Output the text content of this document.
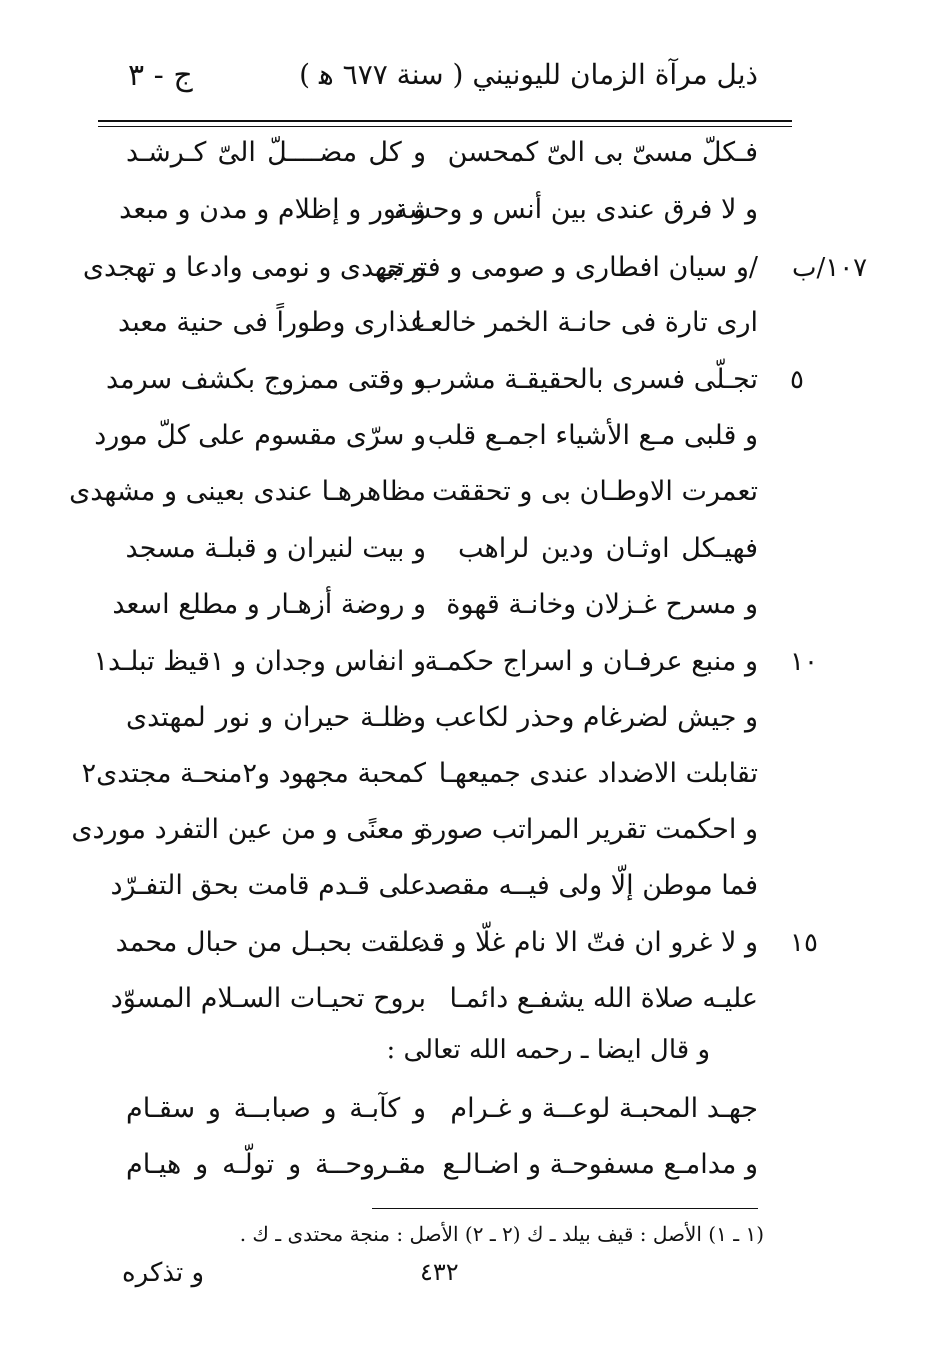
ج - ٣	ذيل مرآة الزمان لليونيني ( سنة ٦٧٧ ﻫ )
فـكلّ مسىّ بى الىّ كمحسن
و كل مضــــلّ الىّ كـرشـد
و لا فرق عندى بين أنس و وحشة
و نور و إظلام و مدن و مبعد
١٠٧/ب
/و سيان افطارى و صومى و فترتى
و جهدى و نومى وادعا و تهجدى
ارى تارة فى حانـة الخمر خالعـا
عذارى وطوراً فى حنية معبد
٥
تجـلّى فسرى بالحقيقـة مشرب
و وقتى ممزوج بكشف سرمد
و قلبى مـع الأشياء اجمـع قلب
و سرّى مقسوم على كلّ مورد
تعمرت الاوطـان بى و تحققت
مظاهرهـا عندى بعينى و مشهدى
فهيـكل اوثـان ودين لراهب
و بيت لنيران و قبلـة مسجد
و مسرح غـزلان وخانـة قهوة
و روضة أزهـار و مطلع اسعد
١٠
و منبع عرفـان و اسراج حكمـة
و انفاس وجدان و ١قيظ تبلـد١
و جيش لضرغام وحذر لكاعب
وظلـة حيران و نور لمهتدى
تقابلت الاضداد عندى جميعهـا
كمحبة مجهود و٢منحـة مجتدى٢
و احكمت تقرير المراتب صورة
و معنًى و من عين التفرد موردى
فما موطن إلّا ولى فيــه مقصد
على قـدم قامت بحق التفـرّد
١٥
و لا غرو ان فتّ الا نام غلّا و قد
علقت بحبـل من حبال محمد
عليـه صلاة الله يشفـع دائمـا
بروح تحيـات السـلام المسوّد
و قال ايضا ـ رحمه الله تعالى :
جهـد المحبـة لوعــة و غـرام
و كآبـة و صبابــة و سقـام
و مدامـع مسفوحـة و اضـالـع
مقـروحــة و تولّـه و هيـام
(١ ـ ١) الأصل : قيف بيلد ـ ك (٢ ـ ٢) الأصل : منجة محتدى ـ ك .
و تذكره	٤٣٢
